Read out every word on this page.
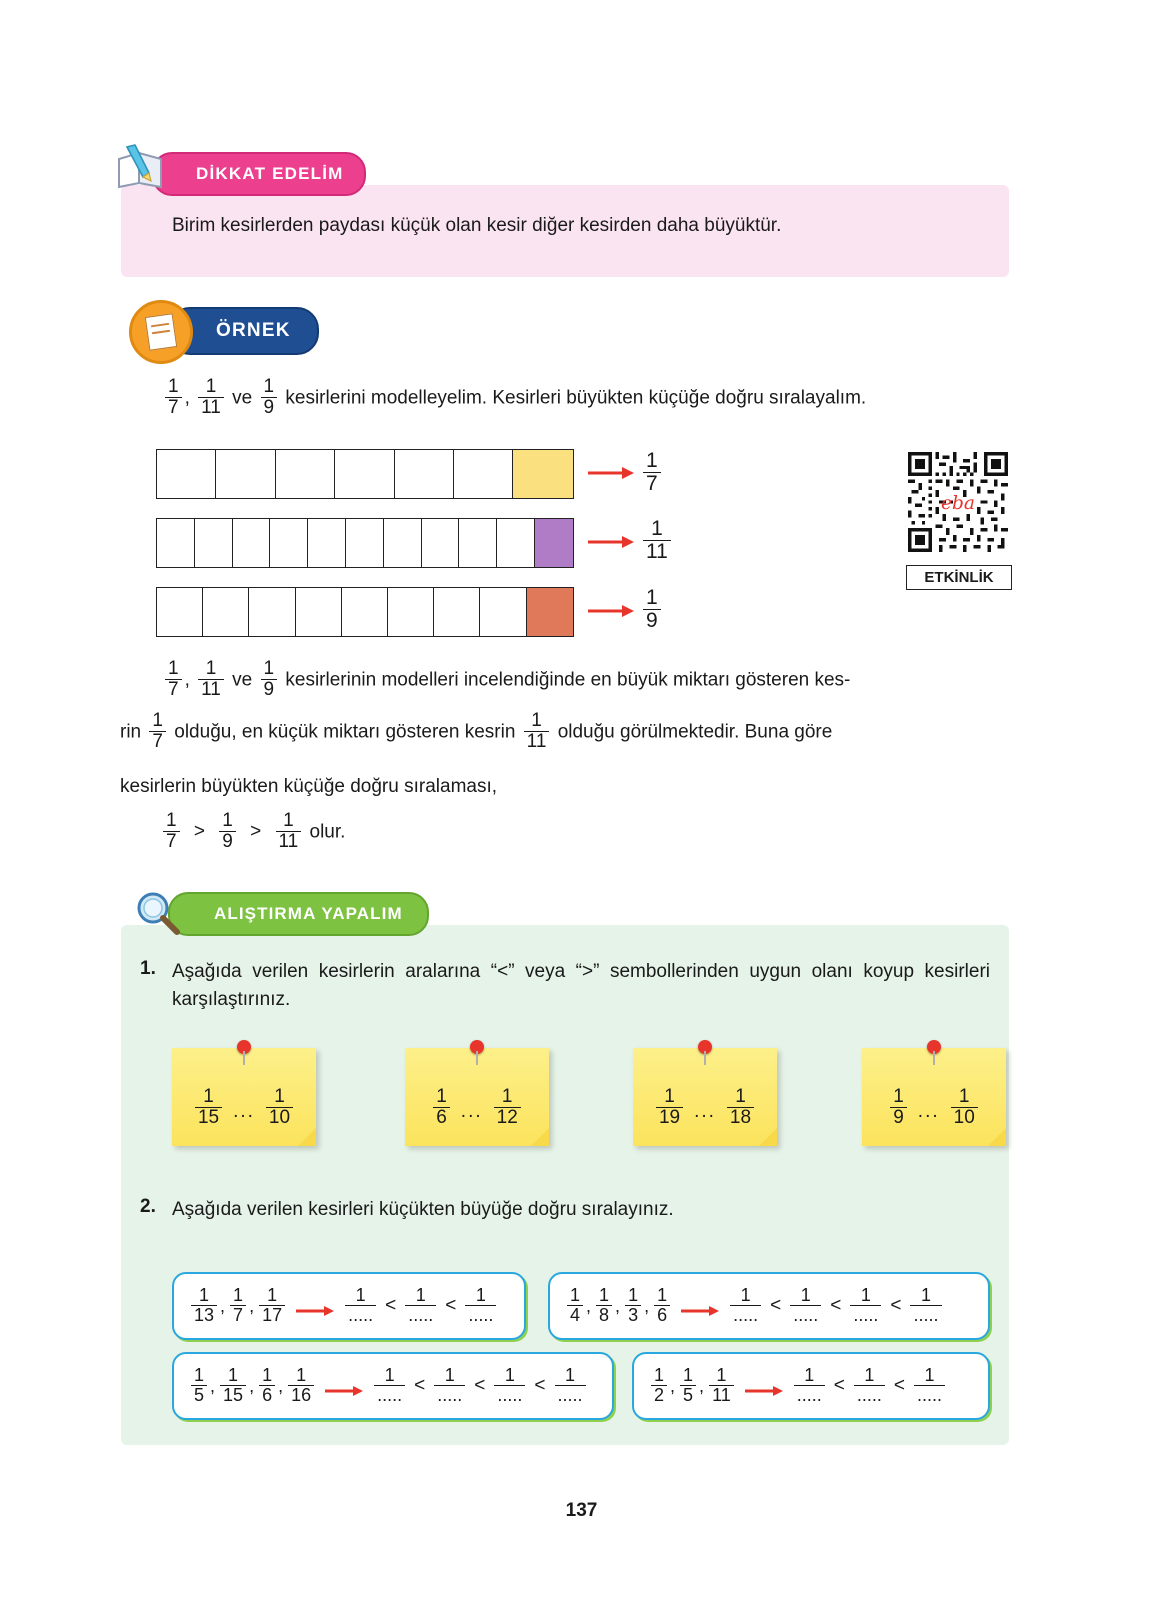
DİKKAT EDELİM
Birim kesirlerden paydası küçük olan kesir diğer kesirden daha büyüktür.
ÖRNEK
$\frac{1}{7}$ , $\frac{1}{11}$ ve $\frac{1}{9}$ kesirlerini modelleyelim. Kesirleri büyükten küçüğe doğru sıralayalım.
$\frac{1}{7}$
$\frac{1}{11}$
$\frac{1}{9}$
eba
ETKİNLİK
$\frac{1}{7}$ , $\frac{1}{11}$ ve $\frac{1}{9}$ kesirlerinin modelleri incelendiğinde en büyük miktarı gösteren kes-
rin $\frac{1}{7}$ olduğu, en küçük miktarı gösteren kesrin $\frac{1}{11}$ olduğu görülmektedir. Buna göre
kesirlerin büyükten küçüğe doğru sıralaması,
$\frac{1}{7} > \frac{1}{9} > \frac{1}{11}$ olur.
ALIŞTIRMA YAPALIM
1. Aşağıda verilen kesirlerin aralarına “<” veya “>” sembollerinden uygun olanı koyup kesirleri karşılaştırınız.
$\frac{1}{15}$ ... $\frac{1}{10}$	$\frac{1}{6}$ ... $\frac{1}{12}$	$\frac{1}{19}$ ... $\frac{1}{18}$	$\frac{1}{9}$ ... $\frac{1}{10}$
2. Aşağıda verilen kesirleri küçükten büyüğe doğru sıralayınız.
$\frac{1}{13}$ , $\frac{1}{7}$ , $\frac{1}{17}$	$\frac{1}{.....} < \frac{1}{.....} < \frac{1}{.....}$	$\frac{1}{4}$ , $\frac{1}{8}$ , $\frac{1}{3}$ , $\frac{1}{6}$	$\frac{1}{.....} < \frac{1}{.....} < \frac{1}{.....} < \frac{1}{.....}$
$\frac{1}{5}$ , $\frac{1}{15}$ , $\frac{1}{6}$ , $\frac{1}{16}$	$\frac{1}{.....} < \frac{1}{.....} < \frac{1}{.....} < \frac{1}{.....}$	$\frac{1}{2}$ , $\frac{1}{5}$ , $\frac{1}{11}$	$\frac{1}{.....} < \frac{1}{.....} < \frac{1}{.....}$
137
